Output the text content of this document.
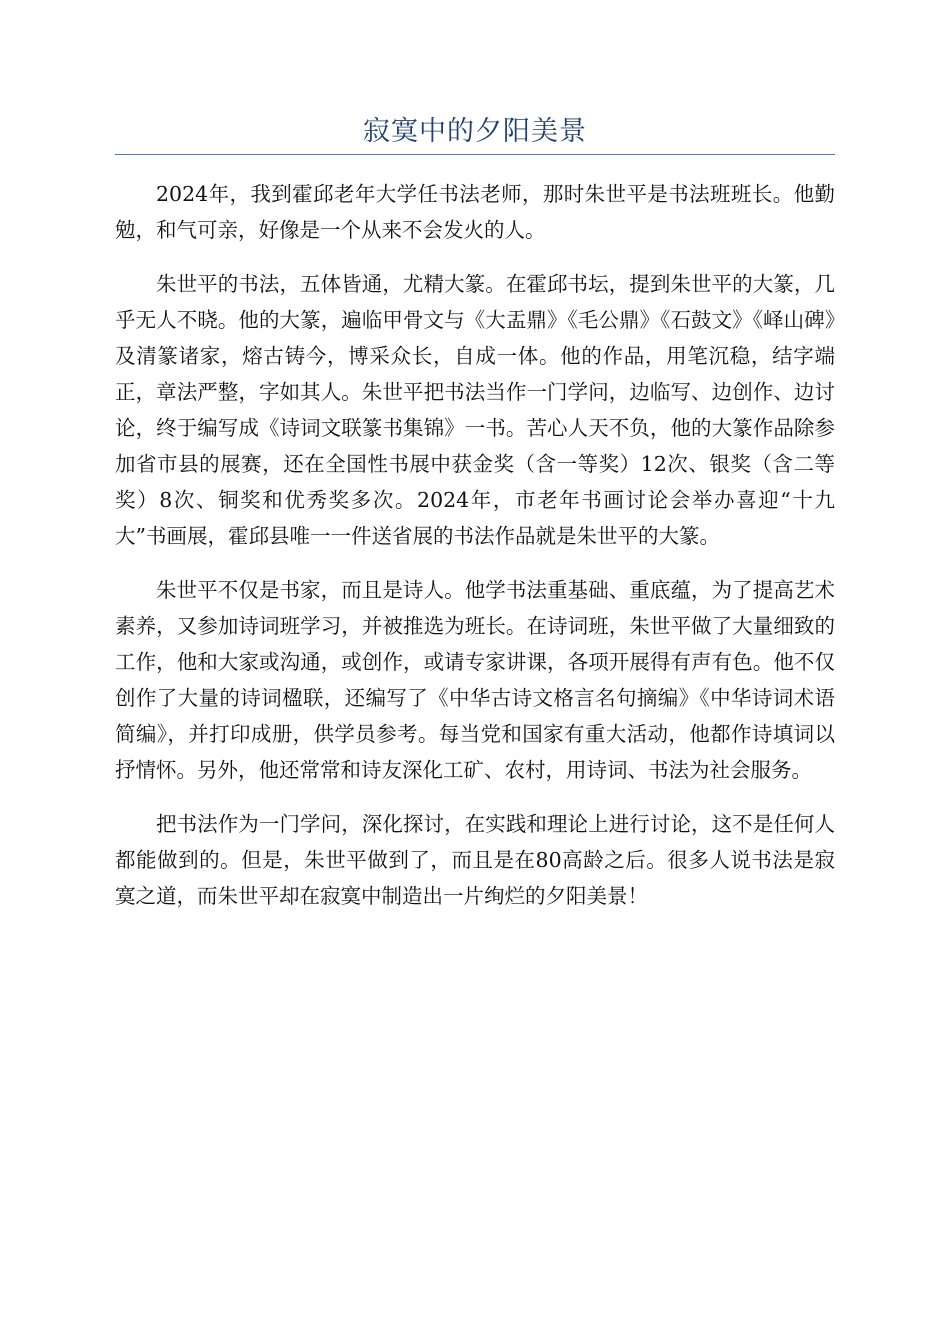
寂寞中的夕阳美景

2024年，我到霍邱老年大学任书法老师，那时朱世平是书法班班长。他勤勉，和气可亲，好像是一个从来不会发火的人。

朱世平的书法，五体皆通，尤精大篆。在霍邱书坛，提到朱世平的大篆，几乎无人不晓。他的大篆，遍临甲骨文与《大盂鼎》《毛公鼎》《石鼓文》《峄山碑》及清篆诸家，熔古铸今，博采众长，自成一体。他的作品，用笔沉稳，结字端正，章法严整，字如其人。朱世平把书法当作一门学问，边临写、边创作、边讨论，终于编写成《诗词文联篆书集锦》一书。苦心人天不负，他的大篆作品除参加省市县的展赛，还在全国性书展中获金奖（含一等奖）12次、银奖（含二等奖）8次、铜奖和优秀奖多次。2024年，市老年书画讨论会举办喜迎“十九大”书画展，霍邱县唯一一件送省展的书法作品就是朱世平的大篆。

朱世平不仅是书家，而且是诗人。他学书法重基础、重底蕴，为了提高艺术素养，又参加诗词班学习，并被推选为班长。在诗词班，朱世平做了大量细致的工作，他和大家或沟通，或创作，或请专家讲课，各项开展得有声有色。他不仅创作了大量的诗词楹联，还编写了《中华古诗文格言名句摘编》《中华诗词术语简编》，并打印成册，供学员参考。每当党和国家有重大活动，他都作诗填词以抒情怀。另外，他还常常和诗友深化工矿、农村，用诗词、书法为社会服务。

把书法作为一门学问，深化探讨，在实践和理论上进行讨论，这不是任何人都能做到的。但是，朱世平做到了，而且是在80高龄之后。很多人说书法是寂寞之道，而朱世平却在寂寞中制造出一片绚烂的夕阳美景！
